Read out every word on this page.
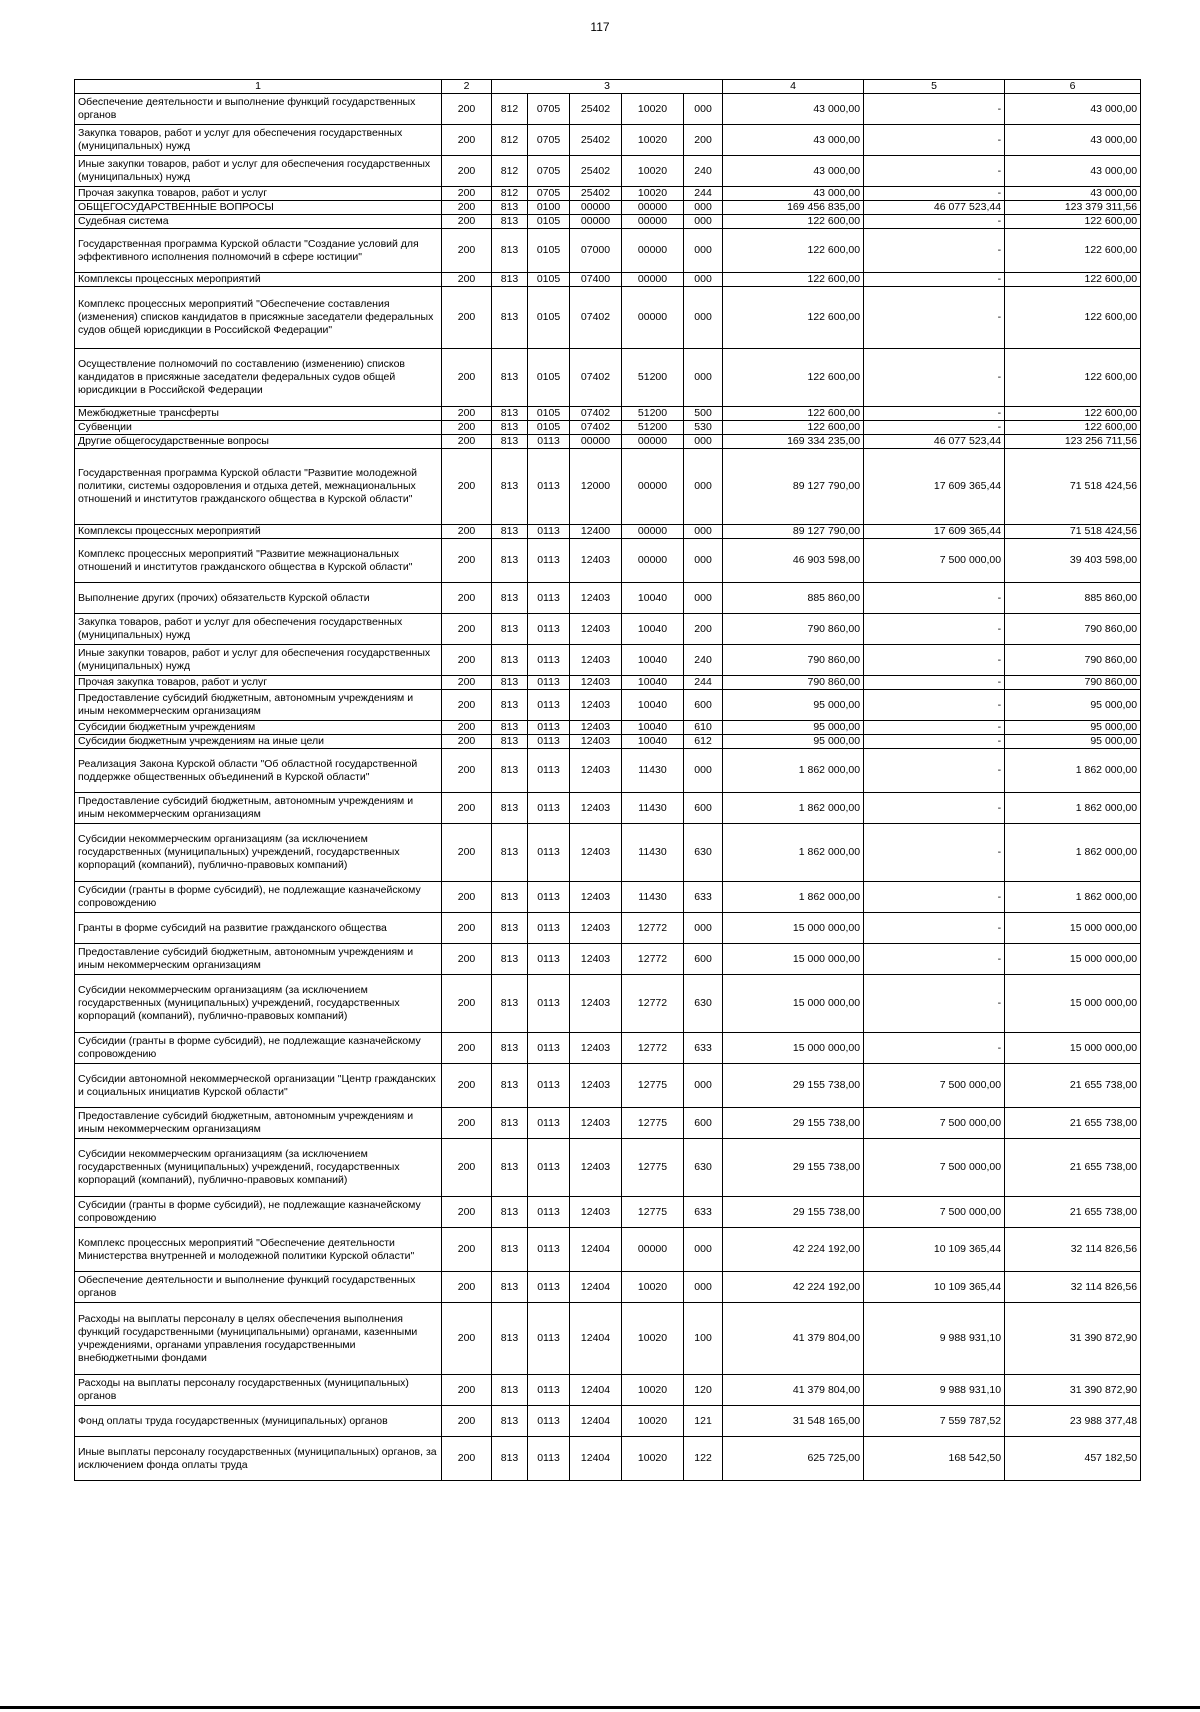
117
1	2	3					4	5	6
Обеспечение деятельности и выполнение функций государственных органов	200	812	0705	25402	10020	000	43 000,00	-	43 000,00
Закупка товаров, работ и услуг для обеспечения государственных (муниципальных) нужд	200	812	0705	25402	10020	200	43 000,00	-	43 000,00
Иные закупки товаров, работ и услуг для обеспечения государственных (муниципальных) нужд	200	812	0705	25402	10020	240	43 000,00	-	43 000,00
Прочая закупка товаров, работ и услуг	200	812	0705	25402	10020	244	43 000,00	-	43 000,00
ОБЩЕГОСУДАРСТВЕННЫЕ ВОПРОСЫ	200	813	0100	00000	00000	000	169 456 835,00	46 077 523,44	123 379 311,56
Судебная система	200	813	0105	00000	00000	000	122 600,00	-	122 600,00
Государственная программа Курской области "Создание условий для эффективного исполнения полномочий в сфере юстиции"	200	813	0105	07000	00000	000	122 600,00	-	122 600,00
Комплексы процессных мероприятий	200	813	0105	07400	00000	000	122 600,00	-	122 600,00
Комплекс процессных мероприятий "Обеспечение составления (изменения) списков кандидатов в присяжные заседатели федеральных судов общей юрисдикции в Российской Федерации"	200	813	0105	07402	00000	000	122 600,00	-	122 600,00
Осуществление полномочий по составлению (изменению) списков кандидатов в присяжные заседатели федеральных судов общей юрисдикции в Российской Федерации	200	813	0105	07402	51200	000	122 600,00	-	122 600,00
Межбюджетные трансферты	200	813	0105	07402	51200	500	122 600,00	-	122 600,00
Субвенции	200	813	0105	07402	51200	530	122 600,00	-	122 600,00
Другие общегосударственные вопросы	200	813	0113	00000	00000	000	169 334 235,00	46 077 523,44	123 256 711,56
Государственная программа Курской области "Развитие молодежной политики, системы оздоровления и отдыха детей, межнациональных отношений и институтов гражданского общества в Курской области"	200	813	0113	12000	00000	000	89 127 790,00	17 609 365,44	71 518 424,56
Комплексы процессных мероприятий	200	813	0113	12400	00000	000	89 127 790,00	17 609 365,44	71 518 424,56
Комплекс процессных мероприятий "Развитие межнациональных отношений и институтов гражданского общества в Курской области"	200	813	0113	12403	00000	000	46 903 598,00	7 500 000,00	39 403 598,00
Выполнение других (прочих) обязательств Курской области	200	813	0113	12403	10040	000	885 860,00	-	885 860,00
Закупка товаров, работ и услуг для обеспечения государственных (муниципальных) нужд	200	813	0113	12403	10040	200	790 860,00	-	790 860,00
Иные закупки товаров, работ и услуг для обеспечения государственных (муниципальных) нужд	200	813	0113	12403	10040	240	790 860,00	-	790 860,00
Прочая закупка товаров, работ и услуг	200	813	0113	12403	10040	244	790 860,00	-	790 860,00
Предоставление субсидий бюджетным, автономным учреждениям и иным некоммерческим организациям	200	813	0113	12403	10040	600	95 000,00	-	95 000,00
Субсидии бюджетным учреждениям	200	813	0113	12403	10040	610	95 000,00	-	95 000,00
Субсидии бюджетным учреждениям на иные цели	200	813	0113	12403	10040	612	95 000,00	-	95 000,00
Реализация Закона Курской области "Об областной государственной поддержке общественных объединений в Курской области"	200	813	0113	12403	11430	000	1 862 000,00	-	1 862 000,00
Предоставление субсидий бюджетным, автономным учреждениям и иным некоммерческим организациям	200	813	0113	12403	11430	600	1 862 000,00	-	1 862 000,00
Субсидии некоммерческим организациям (за исключением государственных (муниципальных) учреждений, государственных корпораций (компаний), публично-правовых компаний)	200	813	0113	12403	11430	630	1 862 000,00	-	1 862 000,00
Субсидии (гранты в форме субсидий), не подлежащие казначейскому сопровождению	200	813	0113	12403	11430	633	1 862 000,00	-	1 862 000,00
Гранты в форме субсидий на развитие гражданского общества	200	813	0113	12403	12772	000	15 000 000,00	-	15 000 000,00
Предоставление субсидий бюджетным, автономным учреждениям и иным некоммерческим организациям	200	813	0113	12403	12772	600	15 000 000,00	-	15 000 000,00
Субсидии некоммерческим организациям (за исключением государственных (муниципальных) учреждений, государственных корпораций (компаний), публично-правовых компаний)	200	813	0113	12403	12772	630	15 000 000,00	-	15 000 000,00
Субсидии (гранты в форме субсидий), не подлежащие казначейскому сопровождению	200	813	0113	12403	12772	633	15 000 000,00	-	15 000 000,00
Субсидии автономной некоммерческой организации "Центр гражданских и социальных инициатив Курской области"	200	813	0113	12403	12775	000	29 155 738,00	7 500 000,00	21 655 738,00
Предоставление субсидий бюджетным, автономным учреждениям и иным некоммерческим организациям	200	813	0113	12403	12775	600	29 155 738,00	7 500 000,00	21 655 738,00
Субсидии некоммерческим организациям (за исключением государственных (муниципальных) учреждений, государственных корпораций (компаний), публично-правовых компаний)	200	813	0113	12403	12775	630	29 155 738,00	7 500 000,00	21 655 738,00
Субсидии (гранты в форме субсидий), не подлежащие казначейскому сопровождению	200	813	0113	12403	12775	633	29 155 738,00	7 500 000,00	21 655 738,00
Комплекс процессных мероприятий "Обеспечение деятельности Министерства внутренней и молодежной политики Курской области"	200	813	0113	12404	00000	000	42 224 192,00	10 109 365,44	32 114 826,56
Обеспечение деятельности и выполнение функций государственных органов	200	813	0113	12404	10020	000	42 224 192,00	10 109 365,44	32 114 826,56
Расходы на выплаты персоналу в целях обеспечения выполнения функций государственными (муниципальными) органами, казенными учреждениями, органами управления государственными внебюджетными фондами	200	813	0113	12404	10020	100	41 379 804,00	9 988 931,10	31 390 872,90
Расходы на выплаты персоналу государственных (муниципальных) органов	200	813	0113	12404	10020	120	41 379 804,00	9 988 931,10	31 390 872,90
Фонд оплаты труда государственных (муниципальных) органов	200	813	0113	12404	10020	121	31 548 165,00	7 559 787,52	23 988 377,48
Иные выплаты персоналу государственных (муниципальных) органов, за исключением фонда оплаты труда	200	813	0113	12404	10020	122	625 725,00	168 542,50	457 182,50
